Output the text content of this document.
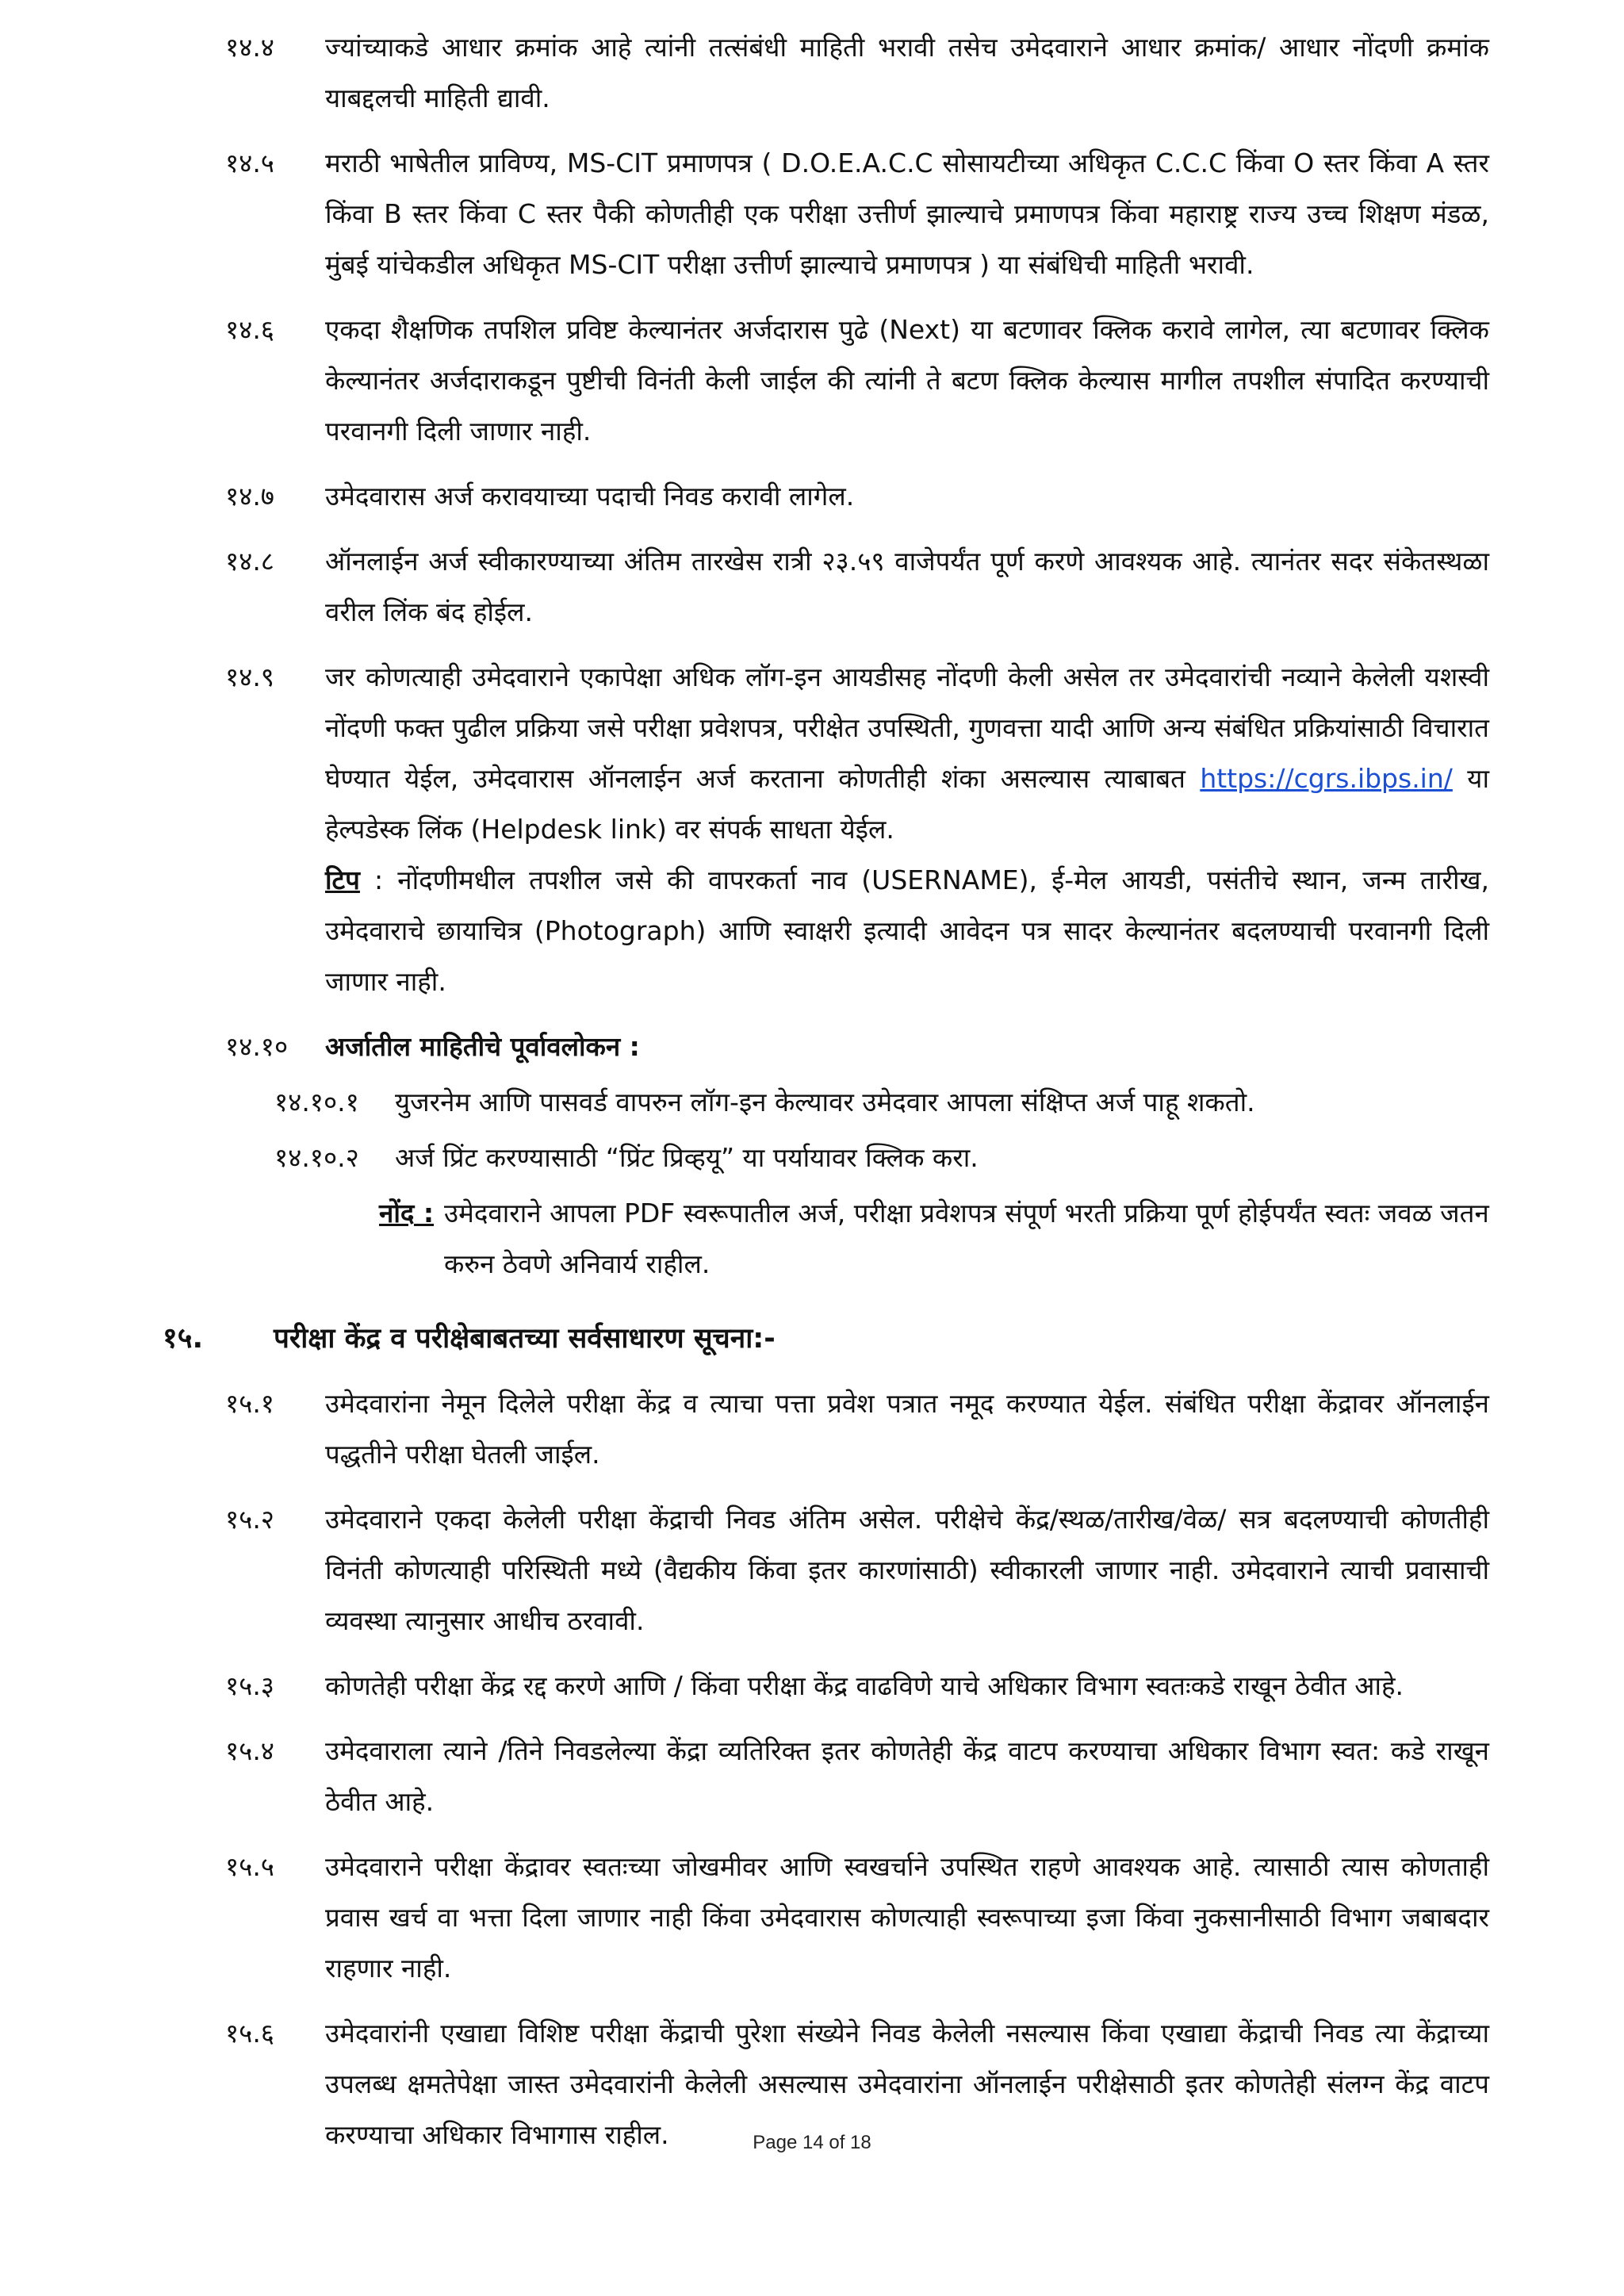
१४.४ ज्यांच्याकडे आधार क्रमांक आहे त्यांनी तत्संबंधी माहिती भरावी तसेच उमेदवाराने आधार क्रमांक/ आधार नोंदणी क्रमांक याबद्दलची माहिती द्यावी.

१४.५ मराठी भाषेतील प्राविण्य, MS-CIT प्रमाणपत्र ( D.O.E.A.C.C सोसायटीच्या अधिकृत C.C.C किंवा O स्तर किंवा A स्तर किंवा B स्तर किंवा C स्तर पैकी कोणतीही एक परीक्षा उत्तीर्ण झाल्याचे प्रमाणपत्र किंवा महाराष्ट्र राज्य उच्च शिक्षण मंडळ, मुंबई यांचेकडील अधिकृत MS-CIT परीक्षा उत्तीर्ण झाल्याचे प्रमाणपत्र ) या संबंधिची माहिती भरावी.

१४.६ एकदा शैक्षणिक तपशिल प्रविष्ट केल्यानंतर अर्जदारास पुढे (Next) या बटणावर क्लिक करावे लागेल, त्या बटणावर क्लिक केल्यानंतर अर्जदाराकडून पुष्टीची विनंती केली जाईल की त्यांनी ते बटण क्लिक केल्यास मागील तपशील संपादित करण्याची परवानगी दिली जाणार नाही.

१४.७ उमेदवारास अर्ज करावयाच्या पदाची निवड करावी लागेल.

१४.८ ऑनलाईन अर्ज स्वीकारण्याच्या अंतिम तारखेस रात्री २३.५९ वाजेपर्यंत पूर्ण करणे आवश्यक आहे. त्यानंतर सदर संकेतस्थळा वरील लिंक बंद होईल.

१४.९ जर कोणत्याही उमेदवाराने एकापेक्षा अधिक लॉग-इन आयडीसह नोंदणी केली असेल तर उमेदवारांची नव्याने केलेली यशस्वी नोंदणी फक्त पुढील प्रक्रिया जसे परीक्षा प्रवेशपत्र, परीक्षेत उपस्थिती, गुणवत्ता यादी आणि अन्य संबंधित प्रक्रियांसाठी विचारात घेण्यात येईल, उमेदवारास ऑनलाईन अर्ज करताना कोणतीही शंका असल्यास त्याबाबत https://cgrs.ibps.in/ या हेल्पडेस्क लिंक (Helpdesk link) वर संपर्क साधता येईल.

टिप : नोंदणीमधील तपशील जसे की वापरकर्ता नाव (USERNAME), ई-मेल आयडी, पसंतीचे स्थान, जन्म तारीख, उमेदवाराचे छायाचित्र (Photograph) आणि स्वाक्षरी इत्यादी आवेदन पत्र सादर केल्यानंतर बदलण्याची परवानगी दिली जाणार नाही.

१४.१० अर्जातील माहितीचे पूर्वावलोकन :

१४.१०.१ युजरनेम आणि पासवर्ड वापरुन लॉग-इन केल्यावर उमेदवार आपला संक्षिप्त अर्ज पाहू शकतो.

१४.१०.२ अर्ज प्रिंट करण्यासाठी “प्रिंट प्रिव्हयू” या पर्यायावर क्लिक करा.

नोंद : उमेदवाराने आपला PDF स्वरूपातील अर्ज, परीक्षा प्रवेशपत्र संपूर्ण भरती प्रक्रिया पूर्ण होईपर्यंत स्वतः जवळ जतन करुन ठेवणे अनिवार्य राहील.

१५.	परीक्षा केंद्र व परीक्षेबाबतच्या सर्वसाधारण सूचना:-

१५.१ उमेदवारांना नेमून दिलेले परीक्षा केंद्र व त्याचा पत्ता प्रवेश पत्रात नमूद करण्यात येईल. संबंधित परीक्षा केंद्रावर ऑनलाईन पद्धतीने परीक्षा घेतली जाईल.

१५.२ उमेदवाराने एकदा केलेली परीक्षा केंद्राची निवड अंतिम असेल. परीक्षेचे केंद्र/स्थळ/तारीख/वेळ/ सत्र बदलण्याची कोणतीही विनंती कोणत्याही परिस्थिती मध्ये (वैद्यकीय किंवा इतर कारणांसाठी) स्वीकारली जाणार नाही. उमेदवाराने त्याची प्रवासाची व्यवस्था त्यानुसार आधीच ठरवावी.

१५.३ कोणतेही परीक्षा केंद्र रद्द करणे आणि / किंवा परीक्षा केंद्र वाढविणे याचे अधिकार विभाग स्वतःकडे राखून ठेवीत आहे.

१५.४ उमेदवाराला त्याने /तिने निवडलेल्या केंद्रा व्यतिरिक्त इतर कोणतेही केंद्र वाटप करण्याचा अधिकार विभाग स्वत: कडे राखून ठेवीत आहे.

१५.५ उमेदवाराने परीक्षा केंद्रावर स्वतःच्या जोखमीवर आणि स्वखर्चाने उपस्थित राहणे आवश्यक आहे. त्यासाठी त्यास कोणताही प्रवास खर्च वा भत्ता दिला जाणार नाही किंवा उमेदवारास कोणत्याही स्वरूपाच्या इजा किंवा नुकसानीसाठी विभाग जबाबदार राहणार नाही.

१५.६ उमेदवारांनी एखाद्या विशिष्ट परीक्षा केंद्राची पुरेशा संख्येने निवड केलेली नसल्यास किंवा एखाद्या केंद्राची निवड त्या केंद्राच्या उपलब्ध क्षमतेपेक्षा जास्त उमेदवारांनी केलेली असल्यास उमेदवारांना ऑनलाईन परीक्षेसाठी इतर कोणतेही संलग्न केंद्र वाटप करण्याचा अधिकार विभागास राहील.	Page 14 of 18
